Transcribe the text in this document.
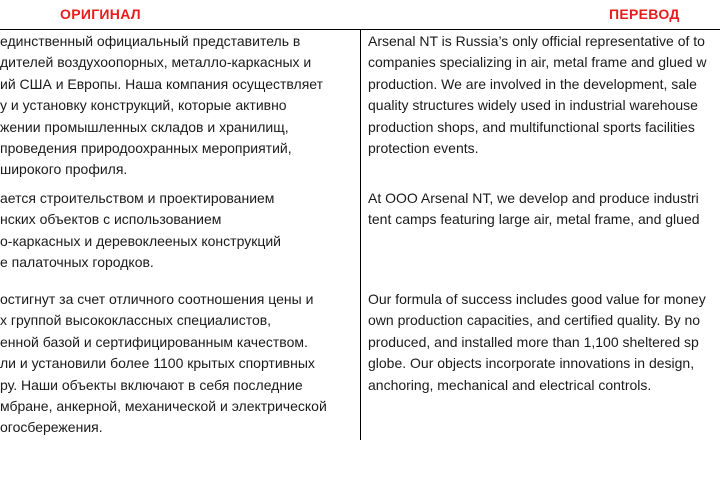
ОРИГИНАЛ	ПЕРЕВОД
единственный официальный представитель в
дителей воздухоопорных, металло-каркасных и
ий США и Европы. Наша компания осуществляет
у и установку конструкций, которые активно
жении промышленных складов и хранилищ,
проведения природоохранных мероприятий,
широкого профиля.
Arsenal NT is Russia’s only official representative of to
companies specializing in air, metal frame and glued w
production. We are involved in the development, sale
quality structures widely used in industrial warehouse
production shops, and multifunctional sports facilities
protection events.
ается строительством и проектированием
нских объектов с использованием
о-каркасных и деревоклееных конструкций
е палаточных городков.
At OOO Arsenal NT, we develop and produce industri
tent camps featuring large air, metal frame, and glued
остигнут за счет отличного соотношения цены и
х группой высококлассных специалистов,
енной базой и сертифицированным качеством.
ли и установили более 1100 крытых спортивных
ру. Наши объекты включают в себя последние
мбране, анкерной, механической и электрической
огосбережения.
Our formula of success includes good value for money
own production capacities, and certified quality. By no
produced, and installed more than 1,100 sheltered sp
globe. Our objects incorporate innovations in design,
anchoring, mechanical and electrical controls.
